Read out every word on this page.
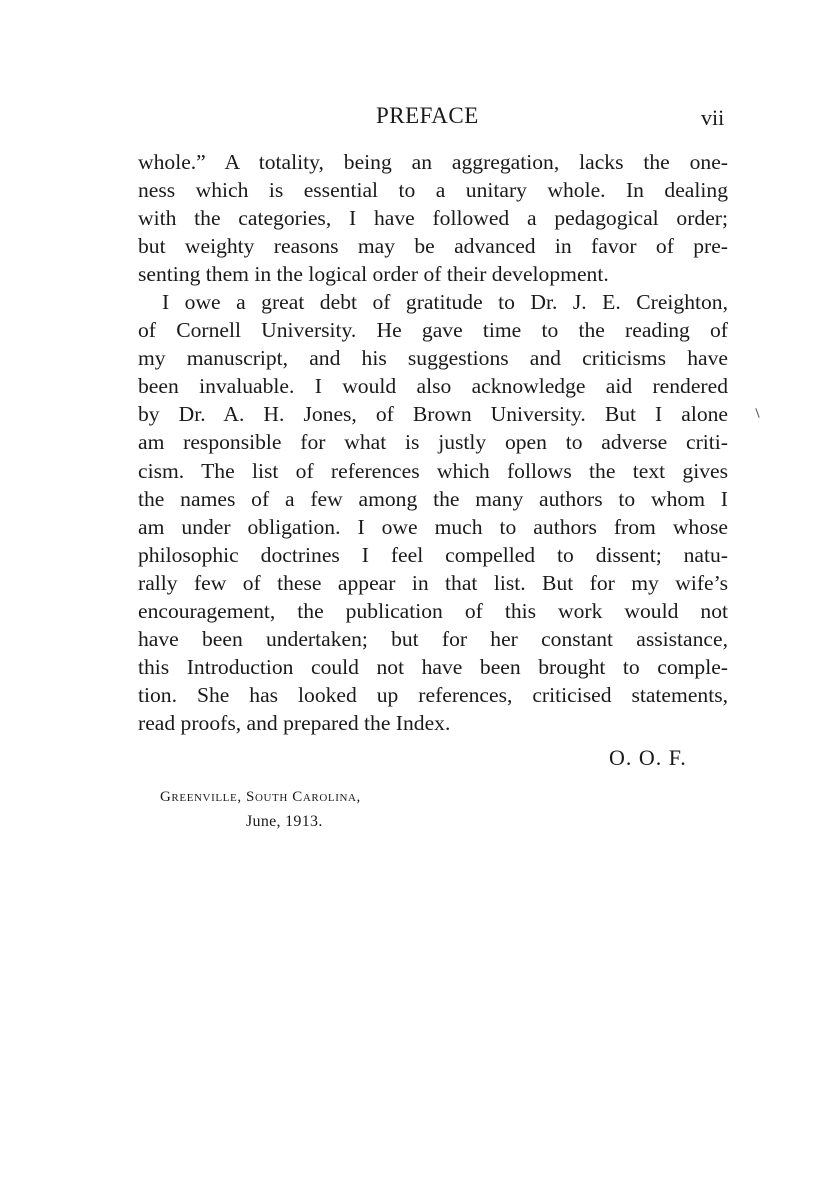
PREFACE	vii
whole.” A totality, being an aggregation, lacks the one-
ness which is essential to a unitary whole. In dealing
with the categories, I have followed a pedagogical order;
but weighty reasons may be advanced in favor of pre-
senting them in the logical order of their development.
I owe a great debt of gratitude to Dr. J. E. Creighton,
of Cornell University. He gave time to the reading of
my manuscript, and his suggestions and criticisms have
been invaluable. I would also acknowledge aid rendered
by Dr. A. H. Jones, of Brown University. But I alone
am responsible for what is justly open to adverse criti-
cism. The list of references which follows the text gives
the names of a few among the many authors to whom I
am under obligation. I owe much to authors from whose
philosophic doctrines I feel compelled to dissent; natu-
rally few of these appear in that list. But for my wife’s
encouragement, the publication of this work would not
have been undertaken; but for her constant assistance,
this Introduction could not have been brought to comple-
tion. She has looked up references, criticised statements,
read proofs, and prepared the Index.
O. O. F.
Greenville, South Carolina,
June, 1913.
